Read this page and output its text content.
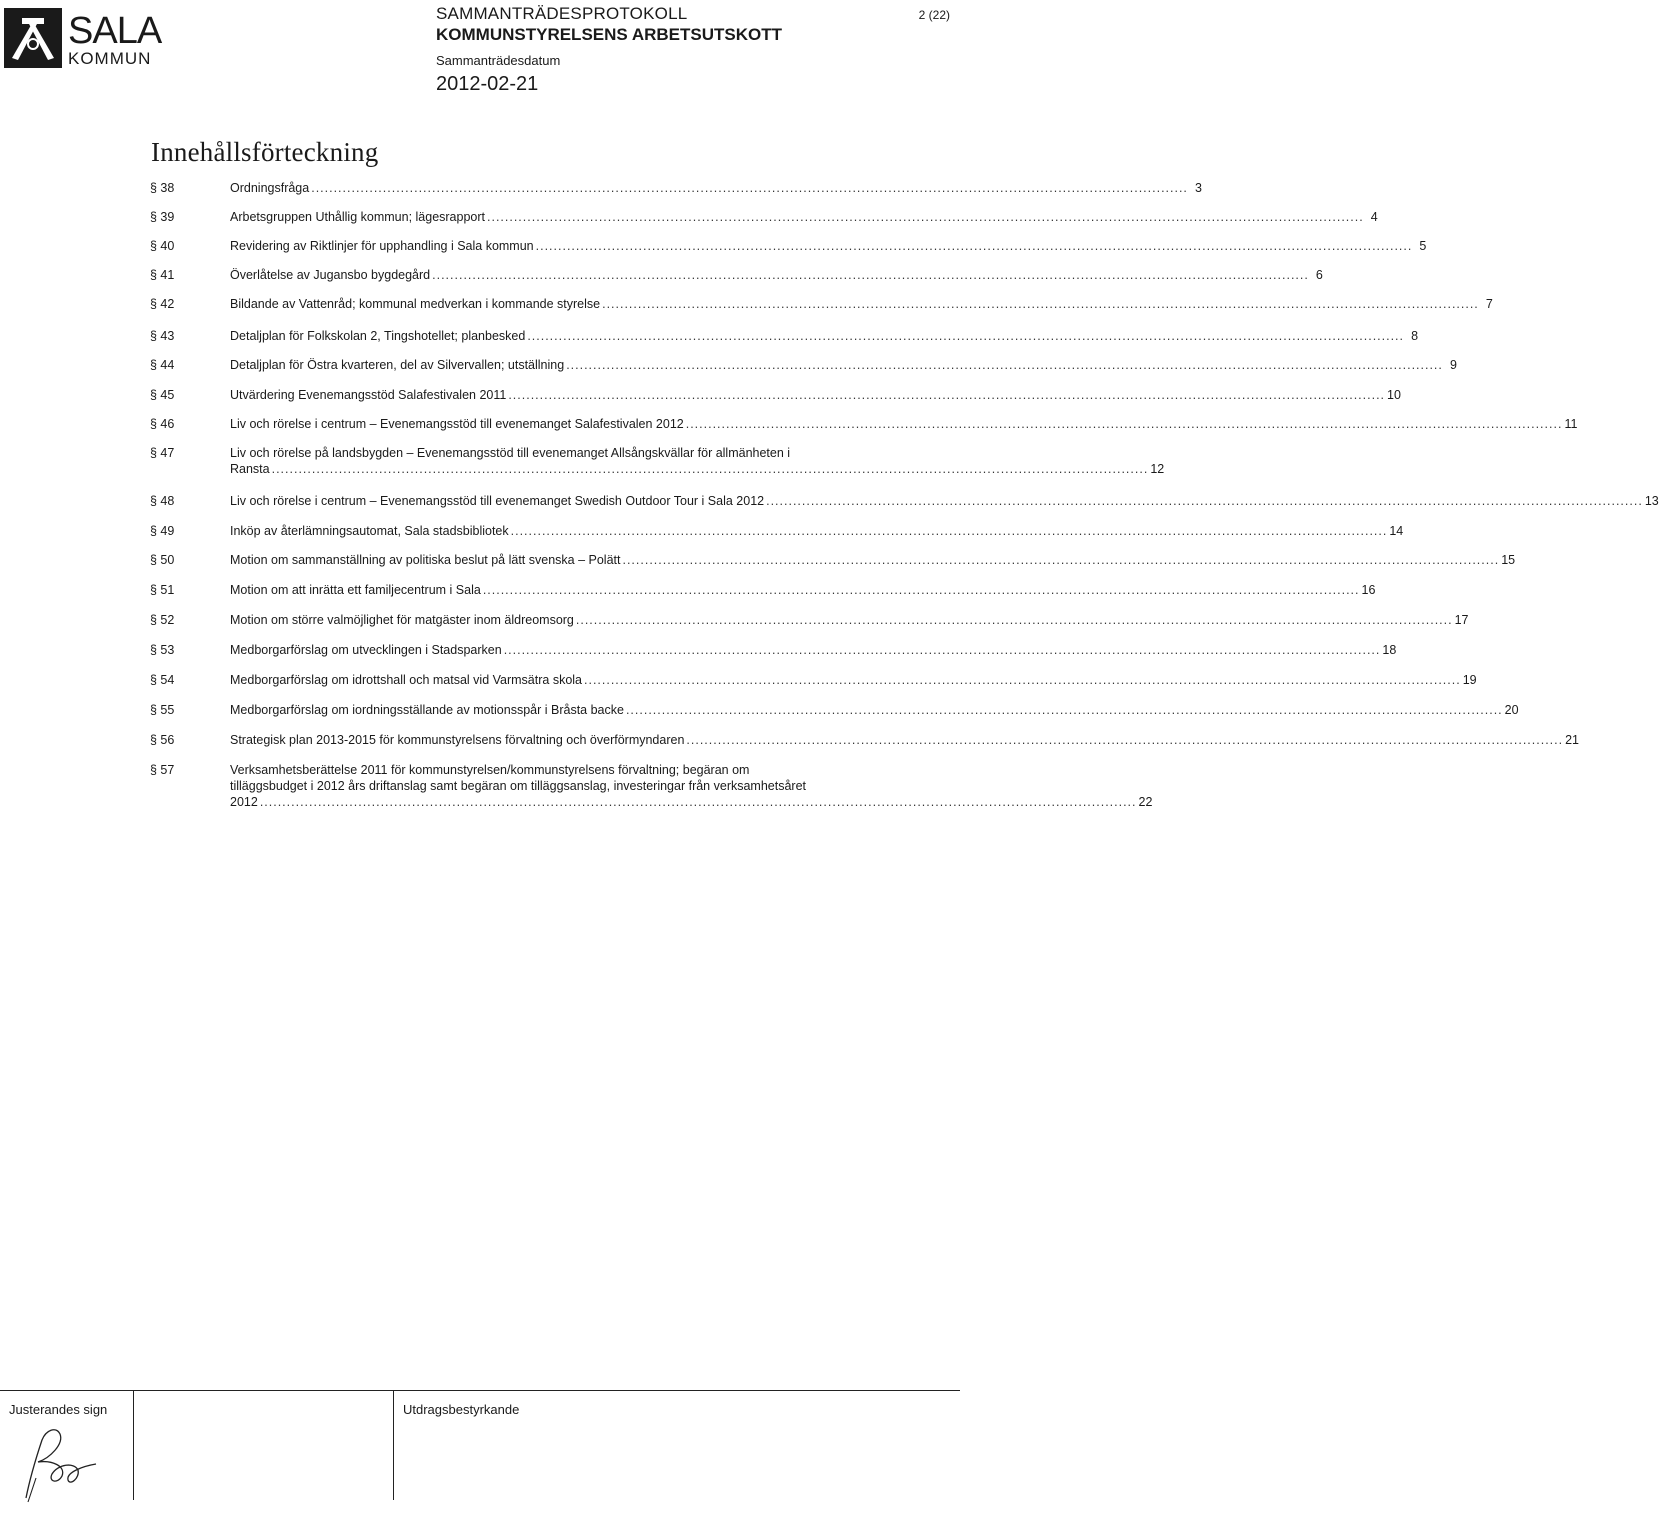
SALA
KOMMUN
SAMMANTRÄDESPROTOKOLL
KOMMUNSTYRELSENS ARBETSUTSKOTT
Sammanträdesdatum
2012-02-21
2 (22)
Innehållsförteckning
§ 38	Ordningsfråga .....	3
§ 39	Arbetsgruppen Uthållig kommun; lägesrapport .....	4
§ 40	Revidering av Riktlinjer för upphandling i Sala kommun .....	5
§ 41	Överlåtelse av Jugansbo bygdegård .....	6
§ 42	Bildande av Vattenråd; kommunal medverkan i kommande styrelse .....	7
§ 43	Detaljplan för Folkskolan 2, Tingshotellet; planbesked .....	8
§ 44	Detaljplan för Östra kvarteren, del av Silvervallen; utställning .....	9
§ 45	Utvärdering Evenemangsstöd Salafestivalen 2011 .....	10
§ 46	Liv och rörelse i centrum – Evenemangsstöd till evenemanget Salafestivalen 2012 .....	11
§ 47	Liv och rörelse på landsbygden – Evenemangsstöd till evenemanget Allsångskvällar för allmänheten i
Ransta .....	12
§ 48	Liv och rörelse i centrum – Evenemangsstöd till evenemanget Swedish Outdoor Tour i Sala 2012 .....	13
§ 49	Inköp av återlämningsautomat, Sala stadsbibliotek .....	14
§ 50	Motion om sammanställning av politiska beslut på lätt svenska – Polätt .....	15
§ 51	Motion om att inrätta ett familjecentrum i Sala .....	16
§ 52	Motion om större valmöjlighet för matgäster inom äldreomsorg .....	17
§ 53	Medborgarförslag om utvecklingen i Stadsparken .....	18
§ 54	Medborgarförslag om idrottshall och matsal vid Varmsätra skola .....	19
§ 55	Medborgarförslag om iordningsställande av motionsspår i Bråsta backe .....	20
§ 56	Strategisk plan 2013-2015 för kommunstyrelsens förvaltning och överförmyndaren .....	21
§ 57	Verksamhetsberättelse 2011 för kommunstyrelsen/kommunstyrelsens förvaltning; begäran om
tilläggsbudget i 2012 års driftanslag samt begäran om tilläggsanslag, investeringar från verksamhetsåret
2012 .....	22
Justerandes sign	Utdragsbestyrkande
